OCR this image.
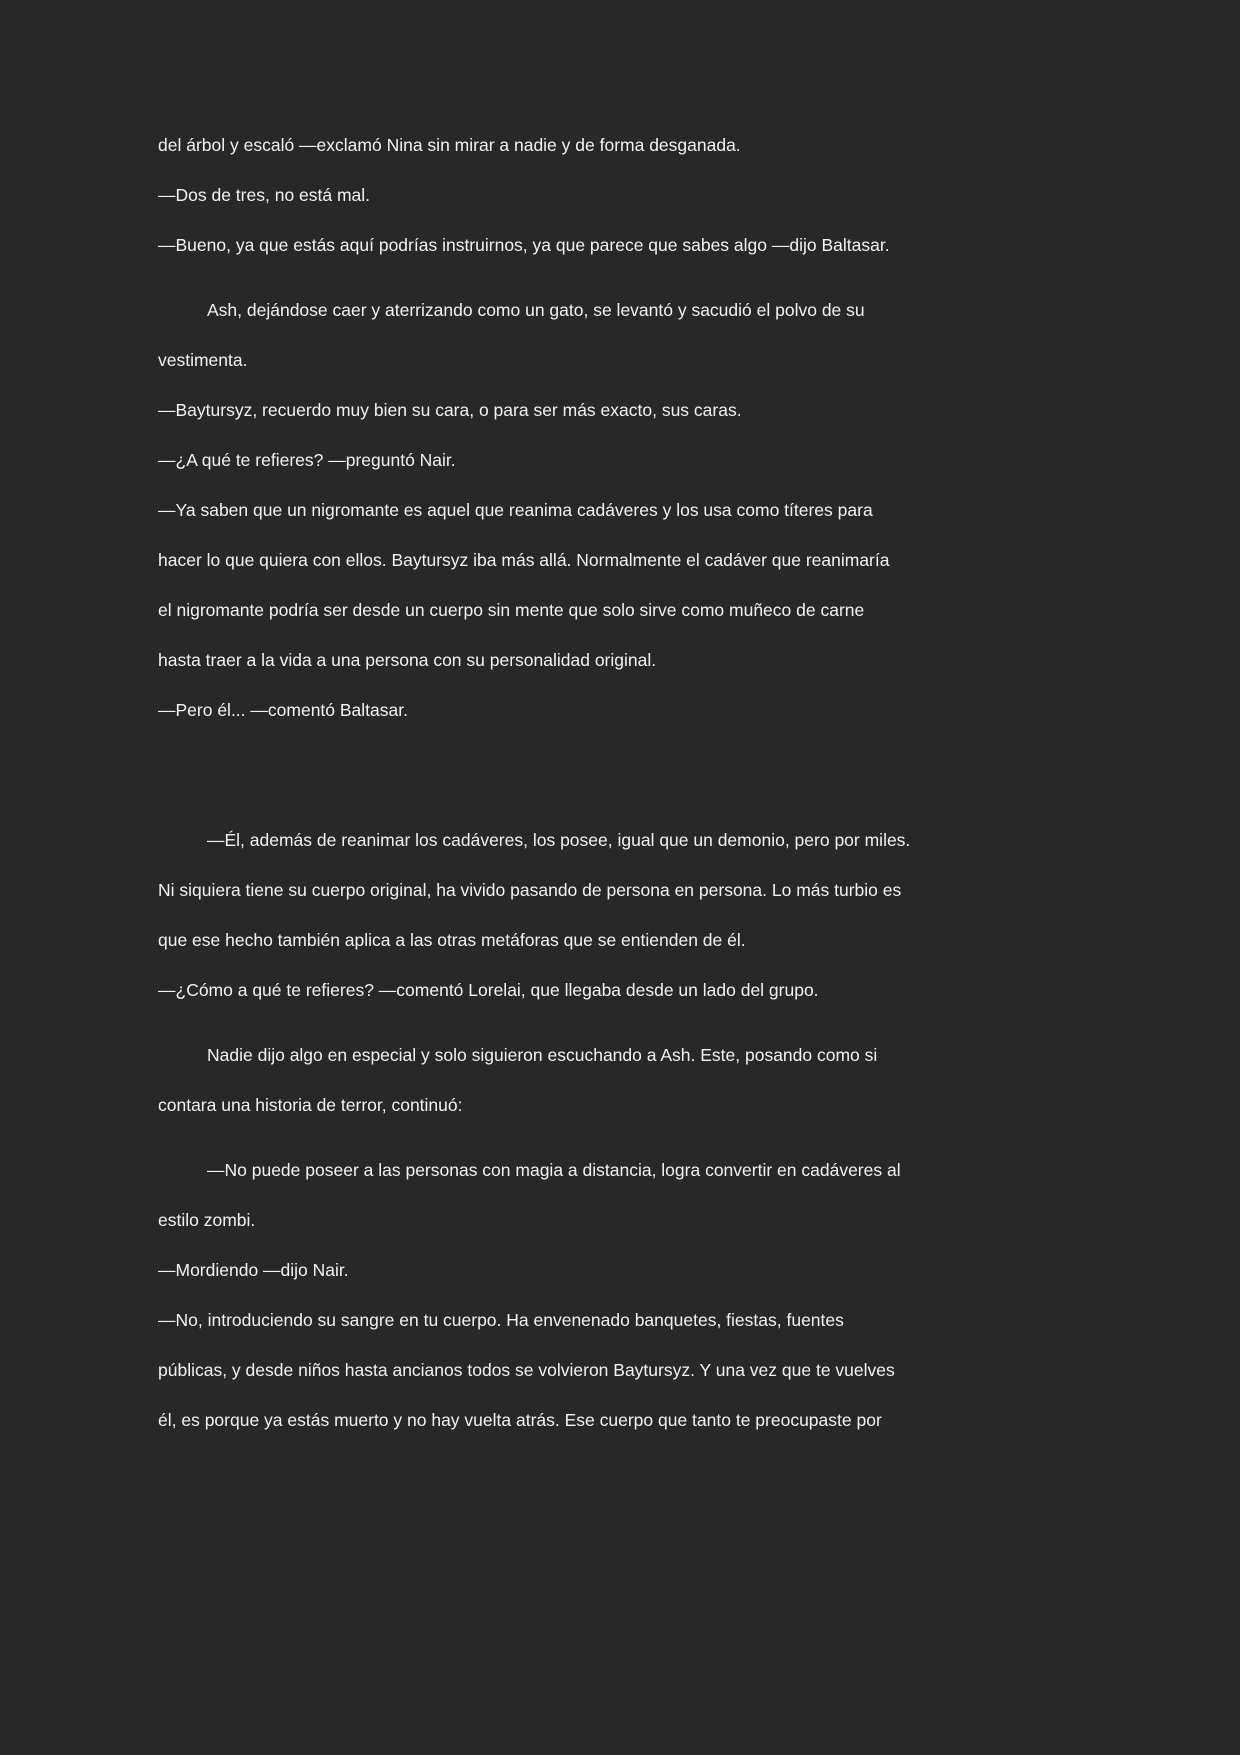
del árbol y escaló —exclamó Nina sin mirar a nadie y de forma desganada.
—Dos de tres, no está mal.
—Bueno, ya que estás aquí podrías instruirnos, ya que parece que sabes algo —dijo Baltasar.
Ash, dejándose caer y aterrizando como un gato, se levantó y sacudió el polvo de su
vestimenta.
—Baytursyz, recuerdo muy bien su cara, o para ser más exacto, sus caras.
—¿A qué te refieres? —preguntó Nair.
—Ya saben que un nigromante es aquel que reanima cadáveres y los usa como títeres para
hacer lo que quiera con ellos. Baytursyz iba más allá. Normalmente el cadáver que reanimaría
el nigromante podría ser desde un cuerpo sin mente que solo sirve como muñeco de carne
hasta traer a la vida a una persona con su personalidad original.
—Pero él... —comentó Baltasar.
—Él, además de reanimar los cadáveres, los posee, igual que un demonio, pero por miles.
Ni siquiera tiene su cuerpo original, ha vivido pasando de persona en persona. Lo más turbio es
que ese hecho también aplica a las otras metáforas que se entienden de él.
—¿Cómo a qué te refieres? —comentó Lorelai, que llegaba desde un lado del grupo.
Nadie dijo algo en especial y solo siguieron escuchando a Ash. Este, posando como si
contara una historia de terror, continuó:
—No puede poseer a las personas con magia a distancia, logra convertir en cadáveres al
estilo zombi.
—Mordiendo —dijo Nair.
—No, introduciendo su sangre en tu cuerpo. Ha envenenado banquetes, fiestas, fuentes
públicas, y desde niños hasta ancianos todos se volvieron Baytursyz. Y una vez que te vuelves
él, es porque ya estás muerto y no hay vuelta atrás. Ese cuerpo que tanto te preocupaste por
